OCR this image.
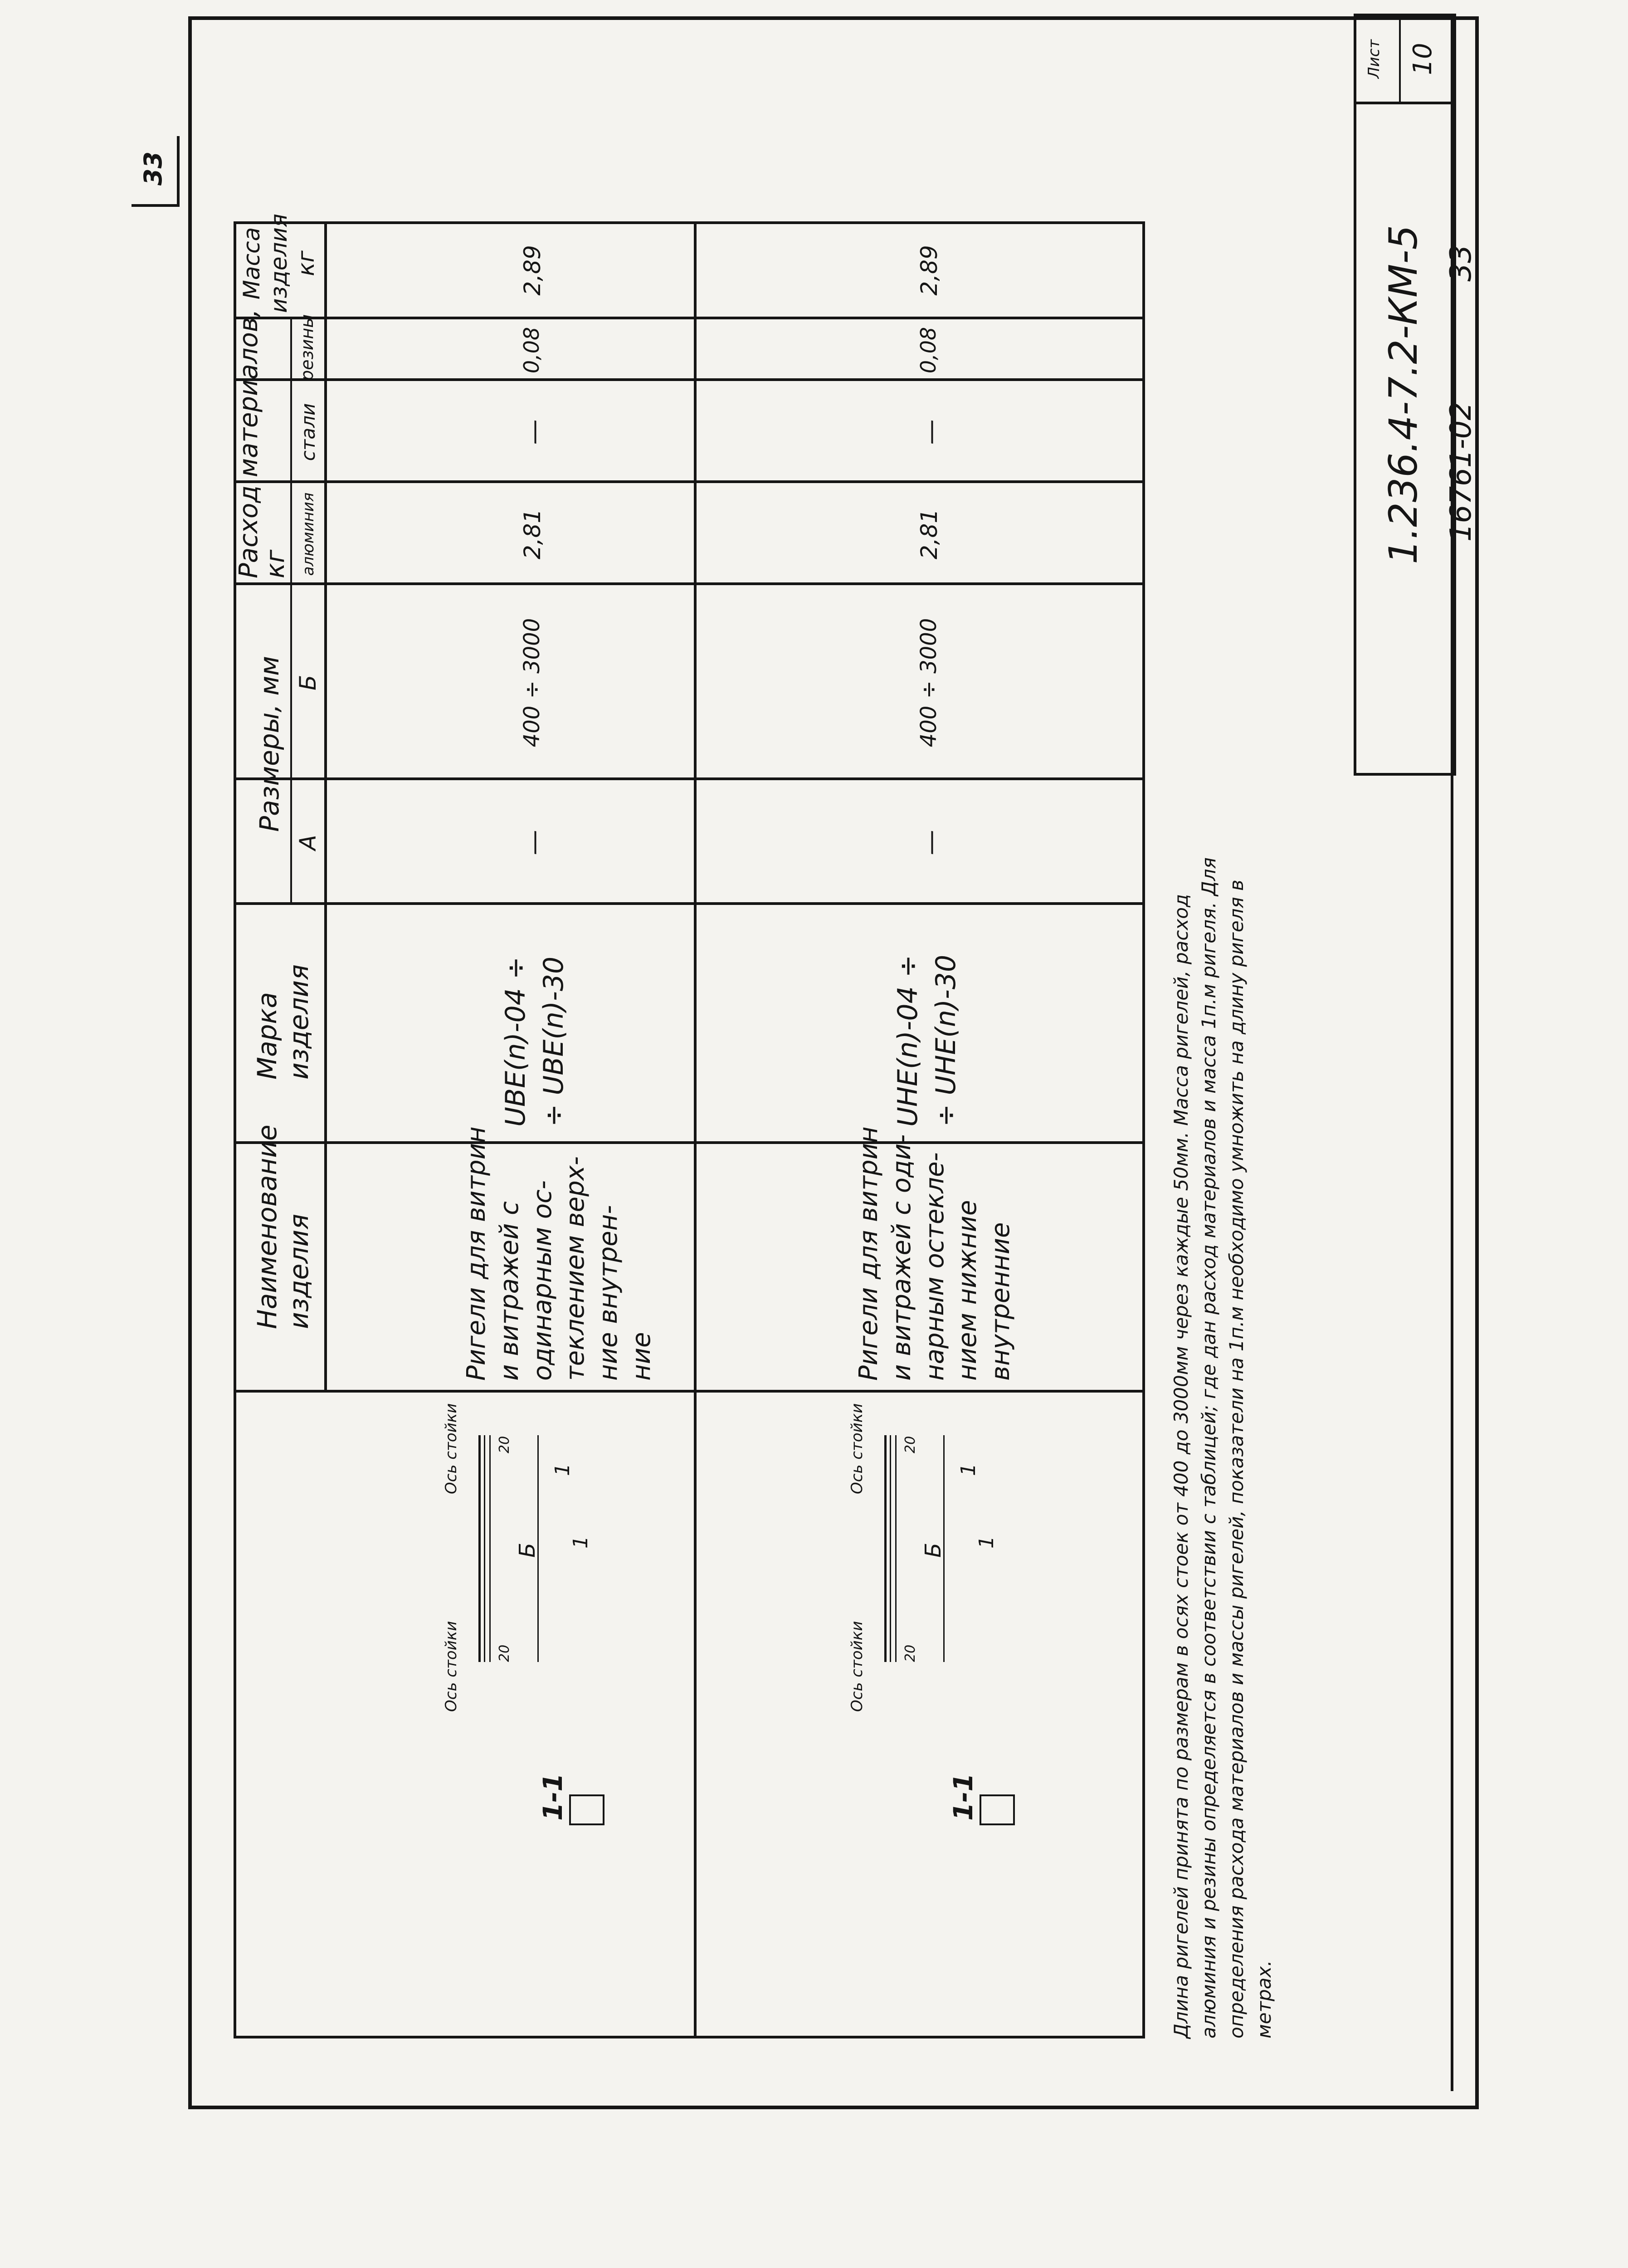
33
Наименование
изделия
Марка
изделия
Размеры, мм
А
Б
Расход материалов,
кг алюминия
стали
резины
Масса
изделия
кг
1-1
Ось стойки
Ось стойки
20
20
Б
1
1
Ригели для витрин
и витражей с
одинарным ос-
теклением верх-
ние внутрен-
ние
UBE(n)-04 ÷
÷ UBE(n)-30
—
400 ÷ 3000
2,81
—
0,08
2,89
1-1
Ось стойки
Ось стойки
20
20
Б
1
1
Ригели для витрин
и витражей с оди-
нарным остекле-
нием нижние
внутренние
UHE(n)-04 ÷
÷ UHE(n)-30
—
400 ÷ 3000
2,81
—
0,08
2,89
Длина ригелей принята по размерам в осях стоек от 400 до 3000мм через каждые 50мм. Масса ригелей, расход алюминия и резины определяется в соответствии с таблицей; где дан расход материалов и масса 1п.м ригеля. Для определения расхода материалов и массы ригелей, показатели на 1п.м необходимо умножить на длину ригеля в метрах.
Лист 10
1.236.4-7.2-КМ-5 16761-02
33
